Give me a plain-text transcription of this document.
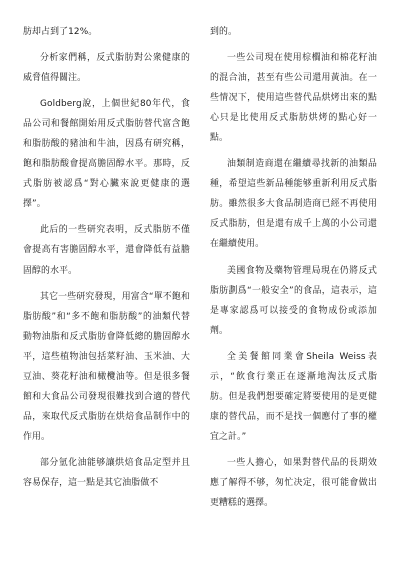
肪却占到了12%。

分析家們稱，反式脂肪對公衆健康的威脅值得關注。

Goldberg說，上個世紀80年代，食品公司和餐館開始用反式脂肪替代富含飽和脂肪酸的豬油和牛油，因爲有研究稱，飽和脂肪酸會提高膽固醇水平。那時，反式脂肪被認爲“對心臟來說更健康的選擇”。

此后的一些研究表明，反式脂肪不僅會提高有害膽固醇水平，還會降低有益膽固醇的水平。

其它一些研究發現，用富含“單不飽和脂肪酸”和“多不飽和脂肪酸”的油類代替動物油脂和反式脂肪會降低總的膽固醇水平，這些植物油包括菜籽油、玉米油、大豆油、葵花籽油和橄欖油等。但是很多餐館和大食品公司發現很難找到合適的替代品，來取代反式脂肪在烘焙食品制作中的作用。

部分氫化油能够讓烘焙食品定型并且容易保存，這一點是其它油脂做不

到的。

一些公司現在使用棕櫚油和棉花籽油的混合油，甚至有些公司還用黃油。在一些情况下，使用這些替代品烘烤出來的點心只是比使用反式脂肪烘烤的點心好一點。

油類制造商還在繼續尋找新的油類品種，希望這些新品種能够重新利用反式脂肪。雖然很多大食品制造商已經不再使用反式脂肪，但是還有成千上萬的小公司還在繼續使用。

美國食物及藥物管理局現在仍將反式脂肪劃爲“一般安全”的食品，這表示，這是專家認爲可以接受的食物成份或添加劑。

全美餐館同業會Sheila Weiss表示，“飲食行業正在逐漸地淘汰反式脂肪。但是我們想要確定將要使用的是更健康的替代品，而不是找一個應付了事的權宜之計。”

一些人擔心，如果對替代品的長期效應了解得不够，匆忙决定，很可能會做出更糟糕的選擇。
